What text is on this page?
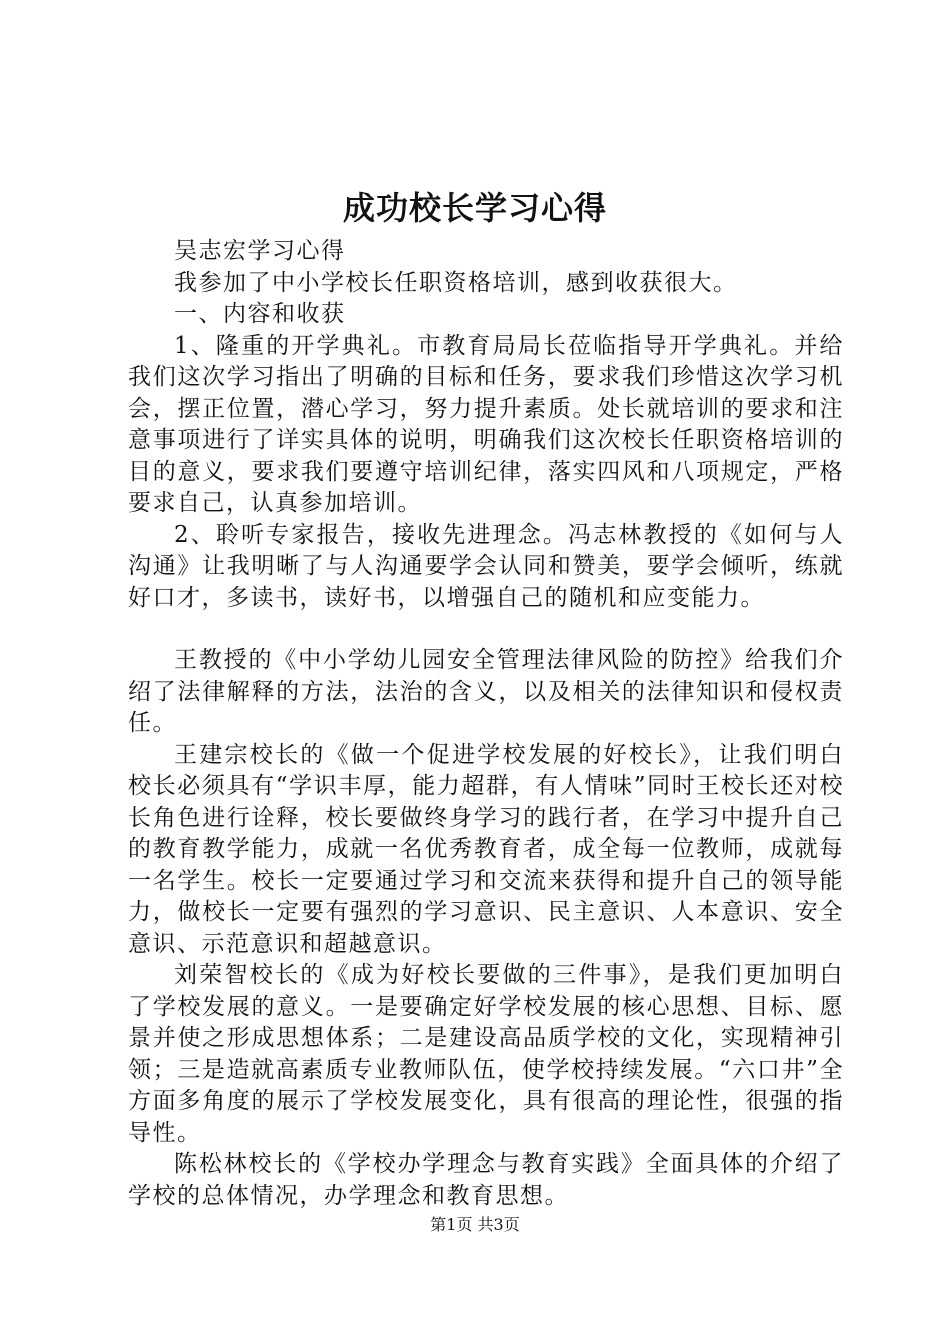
成功校长学习心得

吴志宏学习心得

我参加了中小学校长任职资格培训，感到收获很大。

一、内容和收获

1、隆重的开学典礼。市教育局局长莅临指导开学典礼。并给我们这次学习指出了明确的目标和任务，要求我们珍惜这次学习机会，摆正位置，潜心学习，努力提升素质。处长就培训的要求和注意事项进行了详实具体的说明，明确我们这次校长任职资格培训的目的意义，要求我们要遵守培训纪律，落实四风和八项规定，严格要求自己，认真参加培训。

2、聆听专家报告，接收先进理念。冯志林教授的《如何与人沟通》让我明晰了与人沟通要学会认同和赞美，要学会倾听，练就好口才，多读书，读好书，以增强自己的随机和应变能力。

王教授的《中小学幼儿园安全管理法律风险的防控》给我们介绍了法律解释的方法，法治的含义，以及相关的法律知识和侵权责任。

王建宗校长的《做一个促进学校发展的好校长》，让我们明白校长必须具有“学识丰厚，能力超群，有人情味”同时王校长还对校长角色进行诠释，校长要做终身学习的践行者，在学习中提升自己的教育教学能力，成就一名优秀教育者，成全每一位教师，成就每一名学生。校长一定要通过学习和交流来获得和提升自己的领导能力，做校长一定要有强烈的学习意识、民主意识、人本意识、安全意识、示范意识和超越意识。

刘荣智校长的《成为好校长要做的三件事》，是我们更加明白了学校发展的意义。一是要确定好学校发展的核心思想、目标、愿景并使之形成思想体系；二是建设高品质学校的文化，实现精神引领；三是造就高素质专业教师队伍，使学校持续发展。“六口井”全方面多角度的展示了学校发展变化，具有很高的理论性，很强的指导性。

陈松林校长的《学校办学理念与教育实践》全面具体的介绍了学校的总体情况，办学理念和教育思想。

第1页 共3页
